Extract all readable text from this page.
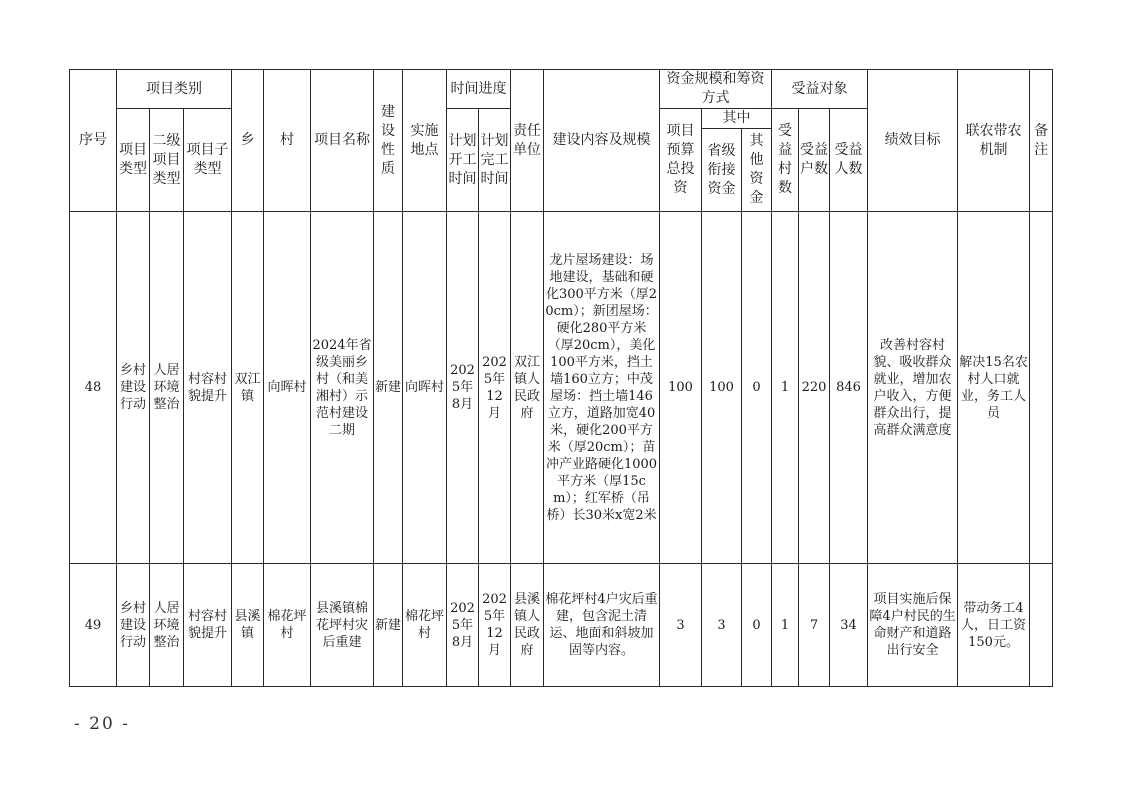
序号	项目类别			乡	村	项目名称	建设性质	实施地点	时间进度		责任单位	建设内容及规模	资金规模和筹资方式			受益对象			绩效目标	联农带农机制	备注
	项目类型	二级项目类型	项目子类型						计划开工时间	计划完工时间			项目预算总投资	其中		受益村数	受益户数	受益人数			
														省级衔接资金	其他资金						
48	乡村建设行动	人居环境整治	村容村貌提升	双江镇	向晖村	2024年省级美丽乡村（和美湘村）示范村建设二期	新建	向晖村	2025年8月	2025年12月	双江镇人民政府	龙片屋场建设：场地建设，基础和硬化300平方米（厚20cm）；新团屋场：硬化280平方米（厚20cm），美化100平方米，挡土墙160立方；中茂屋场：挡土墙146立方，道路加宽40米，硬化200平方米（厚20cm）；苗冲产业路硬化1000平方米（厚15cm）；红军桥（吊桥）长30米x宽2米	100	100	0	1	220	846	改善村容村貌、吸收群众就业，增加农户收入，方便群众出行，提高群众满意度	解决15名农村人口就业，务工人员	
49	乡村建设行动	人居环境整治	村容村貌提升	县溪镇	棉花坪村	县溪镇棉花坪村灾后重建	新建	棉花坪村	2025年8月	2025年12月	县溪镇人民政府	棉花坪村4户灾后重建，包含泥土清运、地面和斜坡加固等内容。	3	3	0	1	7	34	项目实施后保障4户村民的生命财产和道路出行安全	带动务工4人，日工资150元。	
- 20 -
